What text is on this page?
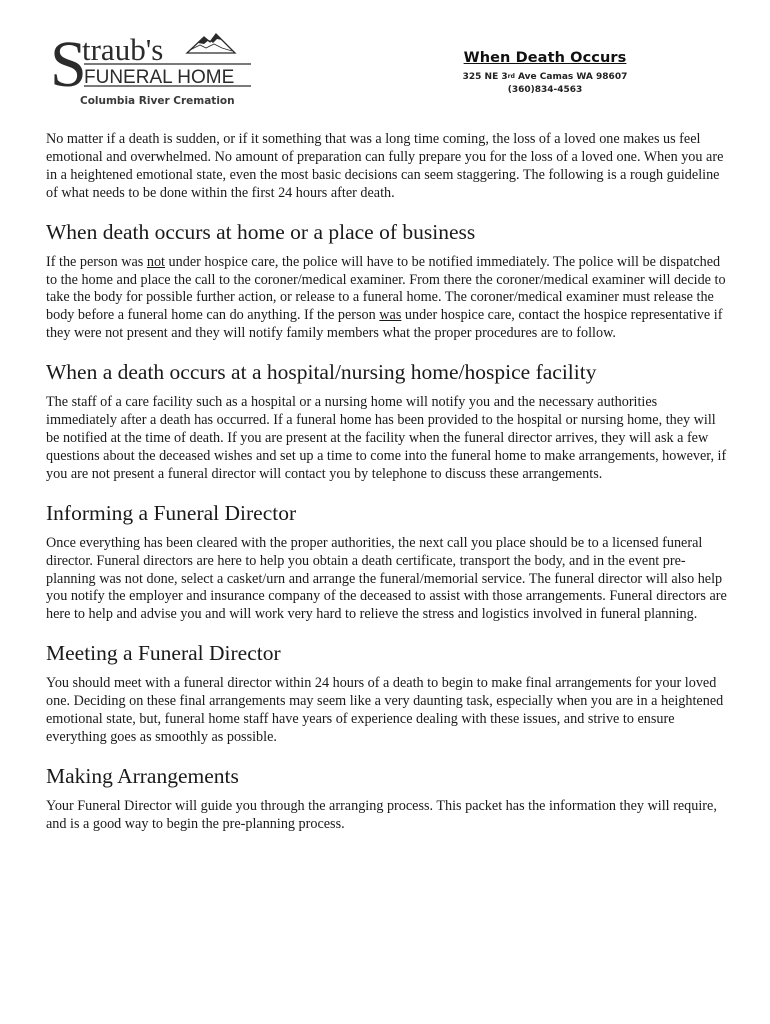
S
traub's
FUNERAL HOME
Columbia River Cremation
When Death Occurs
325 NE 3rd Ave Camas WA 98607
(360)834-4563

No matter if a death is sudden, or if it something that was a long time coming, the loss of a loved one makes us feel emotional and overwhelmed. No amount of preparation can fully prepare you for the loss of a loved one. When you are in a heightened emotional state, even the most basic decisions can seem staggering. The following is a rough guideline of what needs to be done within the first 24 hours after death.

When death occurs at home or a place of business

If the person was not under hospice care, the police will have to be notified immediately. The police will be dispatched to the home and place the call to the coroner/medical examiner. From there the coroner/medical examiner will decide to take the body for possible further action, or release to a funeral home. The coroner/medical examiner must release the body before a funeral home can do anything. If the person was under hospice care, contact the hospice representative if they were not present and they will notify family members what the proper procedures are to follow.

When a death occurs at a hospital/nursing home/hospice facility

The staff of a care facility such as a hospital or a nursing home will notify you and the necessary authorities immediately after a death has occurred. If a funeral home has been provided to the hospital or nursing home, they will be notified at the time of death. If you are present at the facility when the funeral director arrives, they will ask a few questions about the deceased wishes and set up a time to come into the funeral home to make arrangements, however, if you are not present a funeral director will contact you by telephone to discuss these arrangements.

Informing a Funeral Director

Once everything has been cleared with the proper authorities, the next call you place should be to a licensed funeral director. Funeral directors are here to help you obtain a death certificate, transport the body, and in the event pre-planning was not done, select a casket/urn and arrange the funeral/memorial service. The funeral director will also help you notify the employer and insurance company of the deceased to assist with those arrangements. Funeral directors are here to help and advise you and will work very hard to relieve the stress and logistics involved in funeral planning.

Meeting a Funeral Director

You should meet with a funeral director within 24 hours of a death to begin to make final arrangements for your loved one. Deciding on these final arrangements may seem like a very daunting task, especially when you are in a heightened emotional state, but, funeral home staff have years of experience dealing with these issues, and strive to ensure everything goes as smoothly as possible.

Making Arrangements

Your Funeral Director will guide you through the arranging process. This packet has the information they will require, and is a good way to begin the pre-planning process.
